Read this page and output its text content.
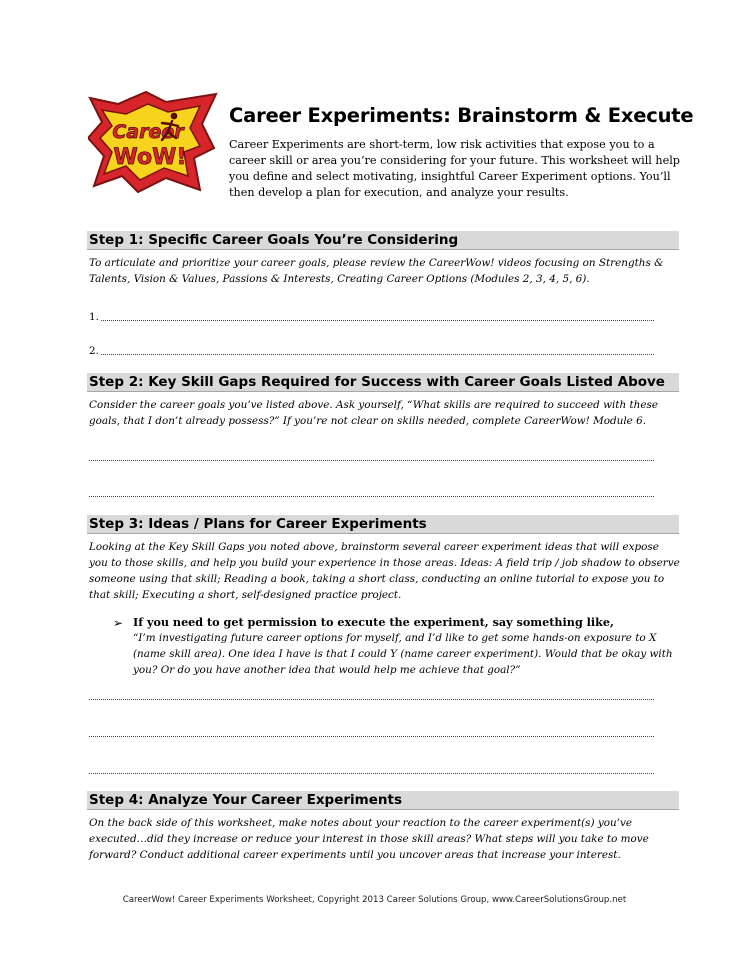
Career
WoW!
Career Experiments: Brainstorm & Execute
Career Experiments are short-term, low risk activities that expose you to a career skill or area you’re considering for your future. This worksheet will help you define and select motivating, insightful Career Experiment options. You’ll then develop a plan for execution, and analyze your results.
Step 1: Specific Career Goals You’re Considering
To articulate and prioritize your career goals, please review the CareerWow! videos focusing on Strengths & Talents, Vision & Values, Passions & Interests, Creating Career Options (Modules 2, 3, 4, 5, 6).
1.
2.
Step 2: Key Skill Gaps Required for Success with Career Goals Listed Above
Consider the career goals you’ve listed above. Ask yourself, “What skills are required to succeed with these goals, that I don’t already possess?” If you’re not clear on skills needed, complete CareerWow! Module 6.
Step 3: Ideas / Plans for Career Experiments
Looking at the Key Skill Gaps you noted above, brainstorm several career experiment ideas that will expose you to those skills, and help you build your experience in those areas. Ideas: A field trip / job shadow to observe someone using that skill; Reading a book, taking a short class, conducting an online tutorial to expose you to that skill; Executing a short, self-designed practice project.
➢ If you need to get permission to execute the experiment, say something like,
“I’m investigating future career options for myself, and I’d like to get some hands-on exposure to X (name skill area). One idea I have is that I could Y (name career experiment). Would that be okay with you? Or do you have another idea that would help me achieve that goal?”
Step 4: Analyze Your Career Experiments
On the back side of this worksheet, make notes about your reaction to the career experiment(s) you’ve executed…did they increase or reduce your interest in those skill areas? What steps will you take to move forward? Conduct additional career experiments until you uncover areas that increase your interest.
CareerWow! Career Experiments Worksheet, Copyright 2013 Career Solutions Group, www.CareerSolutionsGroup.net
